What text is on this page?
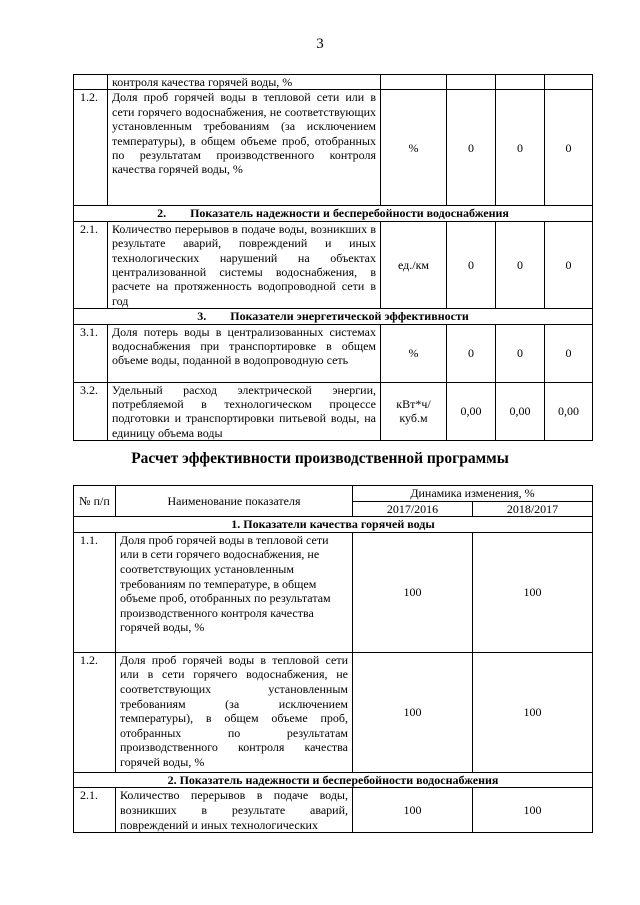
3
	контроля качества горячей воды, %				
1.2.	Доля проб горячей воды в тепловой сети или в сети горячего водоснабжения, не соответствующих установленным требованиям (за исключением температуры), в общем объеме проб, отобранных по результатам производственного контроля качества горячей воды, %	%	0	0	0
2.        Показатель надежности и бесперебойности водоснабжения					
2.1.	Количество перерывов в подаче воды, возникших в результате аварий, повреждений и иных технологических нарушений на объектах централизованной системы водоснабжения, в расчете на протяженность водопроводной сети в год	ед./км	0	0	0
3.        Показатели энергетической эффективности					
3.1.	Доля потерь воды в централизованных системах водоснабжения при транспортировке в общем объеме воды, поданной в водопроводную сеть	%	0	0	0
3.2.	Удельный расход электрической энергии, потребляемой в технологическом процессе подготовки и транспортировки питьевой воды, на единицу объема воды	кВт*ч/ куб.м	0,00	0,00	0,00
Расчет эффективности производственной программы
№ п/п	Наименование показателя	Динамика изменения, %	
		2017/2016	2018/2017
1. Показатели качества горячей воды			
1.1.	Доля проб горячей воды в тепловой сети или в сети горячего водоснабжения, не соответствующих установленным требованиям по температуре, в общем объеме проб, отобранных по результатам производственного контроля качества горячей воды, %	100	100
1.2.	Доля проб горячей воды в тепловой сети или в сети горячего водоснабжения, не соответствующих установленным требованиям (за исключением температуры), в общем объеме проб, отобранных по результатам производственного контроля качества горячей воды, %	100	100
2. Показатель надежности и бесперебойности водоснабжения			
2.1.	Количество перерывов в подаче воды, возникших в результате аварий, повреждений и иных технологических	100	100
